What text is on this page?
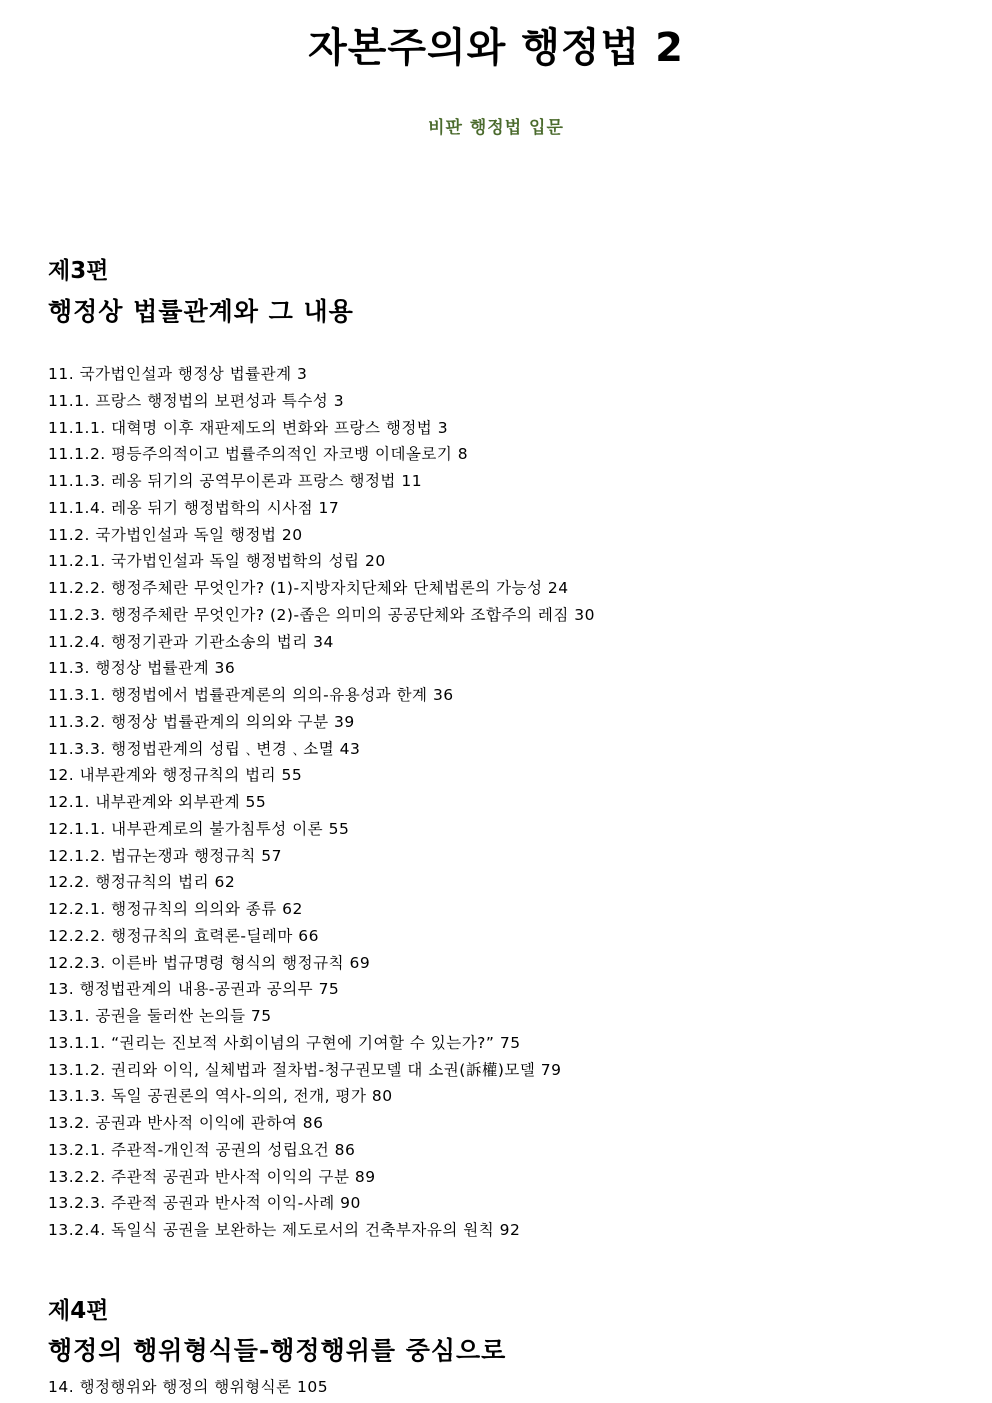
자본주의와 행정법 2
비판 행정법 입문
제3편
행정상 법률관계와 그 내용
11. 국가법인설과 행정상 법률관계 3
11.1. 프랑스 행정법의 보편성과 특수성 3
11.1.1. 대혁명 이후 재판제도의 변화와 프랑스 행정법 3
11.1.2. 평등주의적이고 법률주의적인 자코뱅 이데올로기 8
11.1.3. 레옹 뒤기의 공역무이론과 프랑스 행정법 11
11.1.4. 레옹 뒤기 행정법학의 시사점 17
11.2. 국가법인설과 독일 행정법 20
11.2.1. 국가법인설과 독일 행정법학의 성립 20
11.2.2. 행정주체란 무엇인가? (1)-지방자치단체와 단체법론의 가능성 24
11.2.3. 행정주체란 무엇인가? (2)-좁은 의미의 공공단체와 조합주의 레짐 30
11.2.4. 행정기관과 기관소송의 법리 34
11.3. 행정상 법률관계 36
11.3.1. 행정법에서 법률관계론의 의의-유용성과 한계 36
11.3.2. 행정상 법률관계의 의의와 구분 39
11.3.3. 행정법관계의 성립﹑변경﹑소멸 43
12. 내부관계와 행정규칙의 법리 55
12.1. 내부관계와 외부관계 55
12.1.1. 내부관계로의 불가침투성 이론 55
12.1.2. 법규논쟁과 행정규칙 57
12.2. 행정규칙의 법리 62
12.2.1. 행정규칙의 의의와 종류 62
12.2.2. 행정규칙의 효력론-딜레마 66
12.2.3. 이른바 법규명령 형식의 행정규칙 69
13. 행정법관계의 내용-공권과 공의무 75
13.1. 공권을 둘러싼 논의들 75
13.1.1. “권리는 진보적 사회이념의 구현에 기여할 수 있는가?” 75
13.1.2. 권리와 이익, 실체법과 절차법-청구권모델 대 소권(訴權)모델 79
13.1.3. 독일 공권론의 역사-의의, 전개, 평가 80
13.2. 공권과 반사적 이익에 관하여 86
13.2.1. 주관적-개인적 공권의 성립요건 86
13.2.2. 주관적 공권과 반사적 이익의 구분 89
13.2.3. 주관적 공권과 반사적 이익-사례 90
13.2.4. 독일식 공권을 보완하는 제도로서의 건축부자유의 원칙 92
제4편
행정의 행위형식들-행정행위를 중심으로
14. 행정행위와 행정의 행위형식론 105
